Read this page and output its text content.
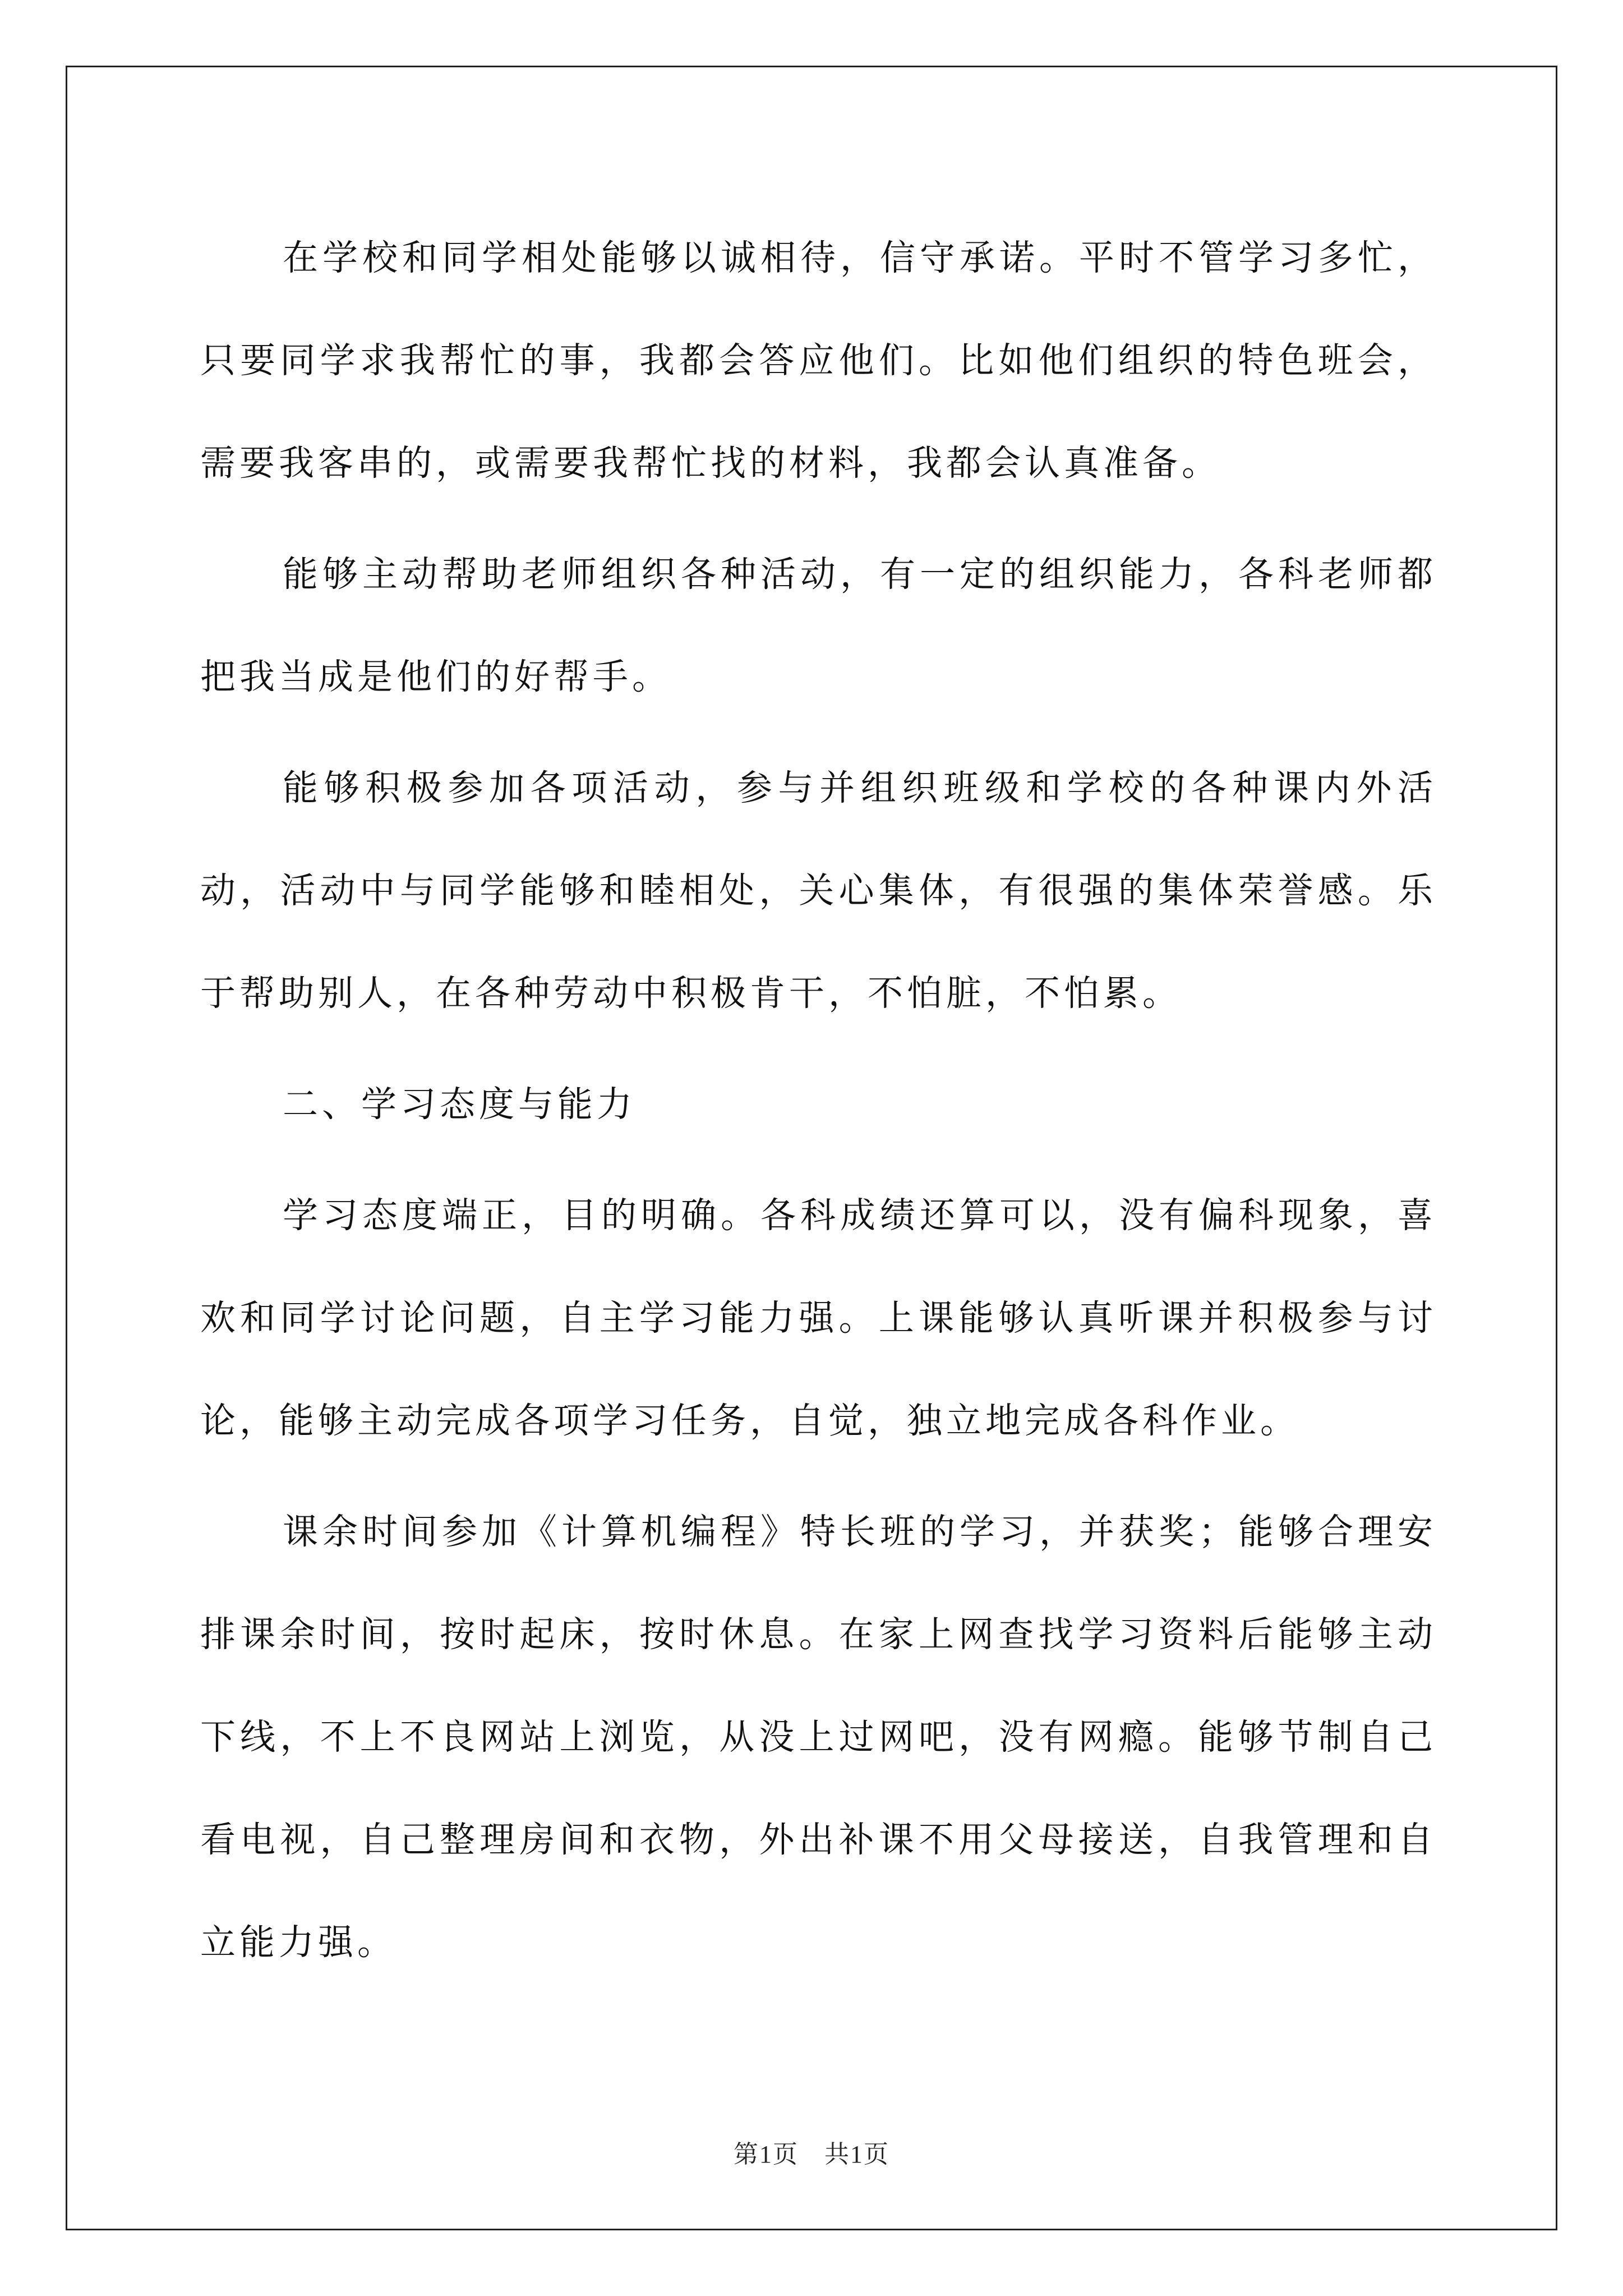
在学校和同学相处能够以诚相待，信守承诺。平时不管学习多忙，只要同学求我帮忙的事，我都会答应他们。比如他们组织的特色班会，需要我客串的，或需要我帮忙找的材料，我都会认真准备。

能够主动帮助老师组织各种活动，有一定的组织能力，各科老师都把我当成是他们的好帮手。

能够积极参加各项活动，参与并组织班级和学校的各种课内外活动，活动中与同学能够和睦相处，关心集体，有很强的集体荣誉感。乐于帮助别人，在各种劳动中积极肯干，不怕脏，不怕累。

二、学习态度与能力

学习态度端正，目的明确。各科成绩还算可以，没有偏科现象，喜欢和同学讨论问题，自主学习能力强。上课能够认真听课并积极参与讨论，能够主动完成各项学习任务，自觉，独立地完成各科作业。

课余时间参加《计算机编程》特长班的学习，并获奖；能够合理安排课余时间，按时起床，按时休息。在家上网查找学习资料后能够主动下线，不上不良网站上浏览，从没上过网吧，没有网瘾。能够节制自己看电视，自己整理房间和衣物，外出补课不用父母接送，自我管理和自立能力强。

第1页　共1页
